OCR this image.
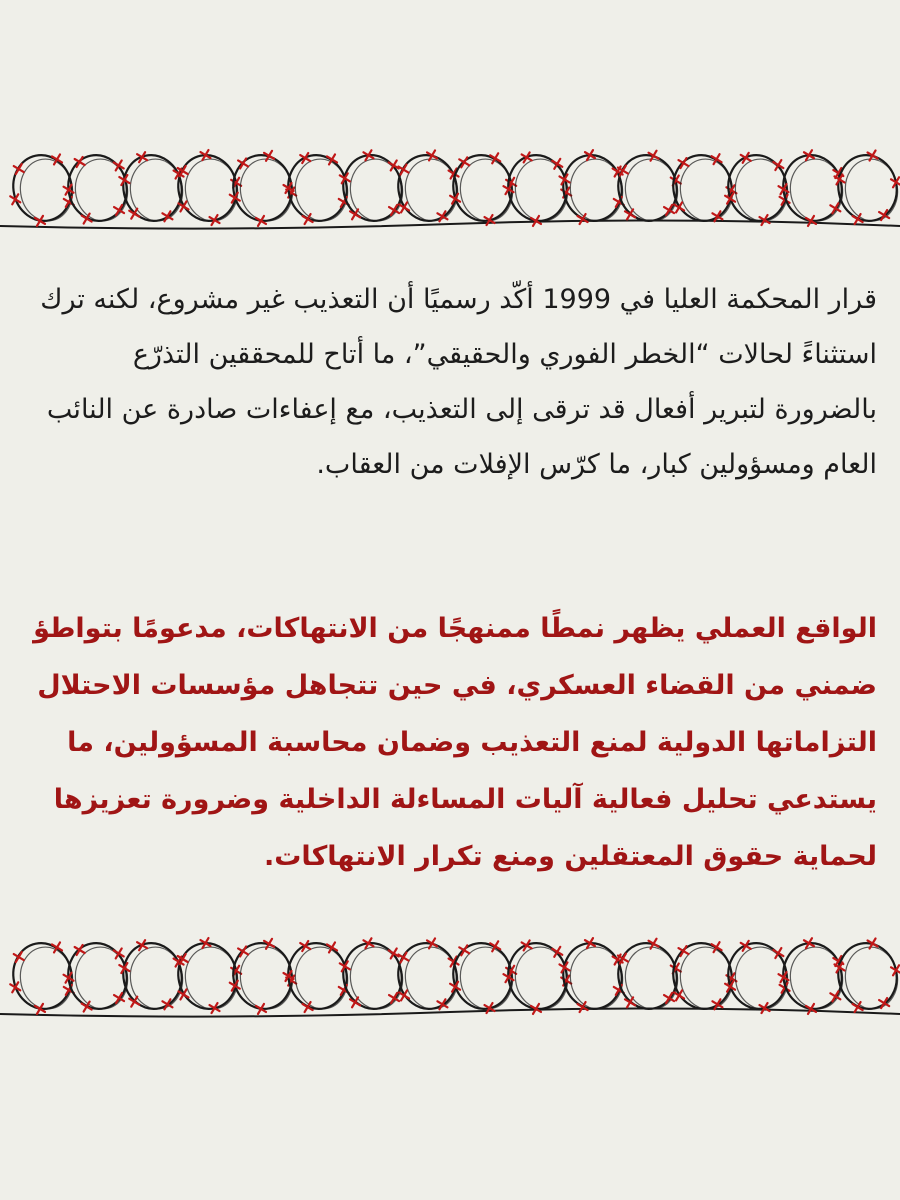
قرار المحكمة العليا في 1999 أكّد رسميًا أن التعذيب غير مشروع، لكنه ترك استثناءً لحالات “الخطر الفوري والحقيقي”، ما أتاح للمحققين التذرّع بالضرورة لتبرير أفعال قد ترقى إلى التعذيب، مع إعفاءات صادرة عن النائب العام ومسؤولين كبار، ما كرّس الإفلات من العقاب.

الواقع العملي يظهر نمطًا ممنهجًا من الانتهاكات، مدعومًا بتواطؤ ضمني من القضاء العسكري، في حين تتجاهل مؤسسات الاحتلال التزاماتها الدولية لمنع التعذيب وضمان محاسبة المسؤولين، ما يستدعي تحليل فعالية آليات المساءلة الداخلية وضرورة تعزيزها لحماية حقوق المعتقلين ومنع تكرار الانتهاكات.
